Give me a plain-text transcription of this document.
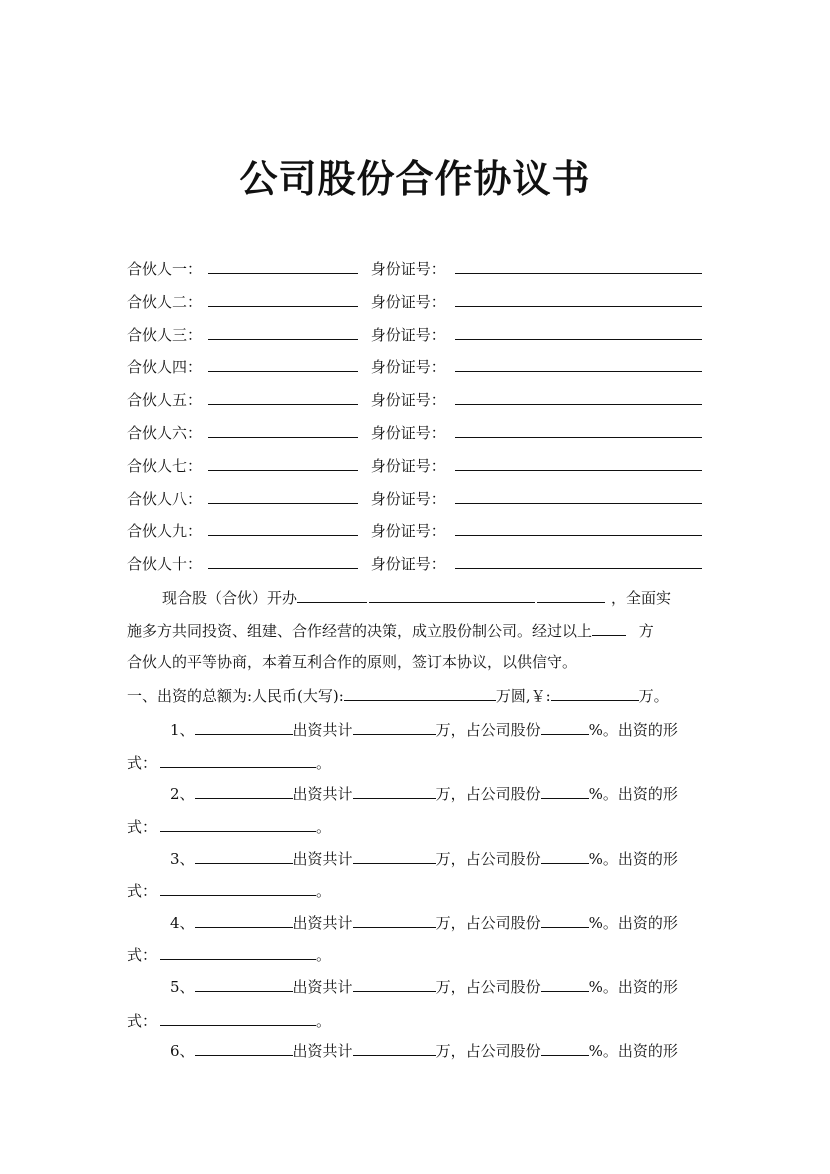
公司股份合作协议书
合伙人一：	身份证号：
合伙人二：	身份证号：
合伙人三：	身份证号：
合伙人四：	身份证号：
合伙人五：	身份证号：
合伙人六：	身份证号：
合伙人七：	身份证号：
合伙人八：	身份证号：
合伙人九：	身份证号：
合伙人十：	身份证号：
现合股（合伙）开办	，全面实
施多方共同投资、组建、合作经营的决策，成立股份制公司。经过以上	方
合伙人的平等协商，本着互利合作的原则，签订本协议，以供信守。
一、出资的总额为:人民币(大写):	万圆,￥:	万。
1、	出资共计	万，占公司股份	%。出资的形
式：	。
2、	出资共计	万，占公司股份	%。出资的形
式：	。
3、	出资共计	万，占公司股份	%。出资的形
式：	。
4、	出资共计	万，占公司股份	%。出资的形
式：	。
5、	出资共计	万，占公司股份	%。出资的形
式：	。
6、	出资共计	万，占公司股份	%。出资的形
